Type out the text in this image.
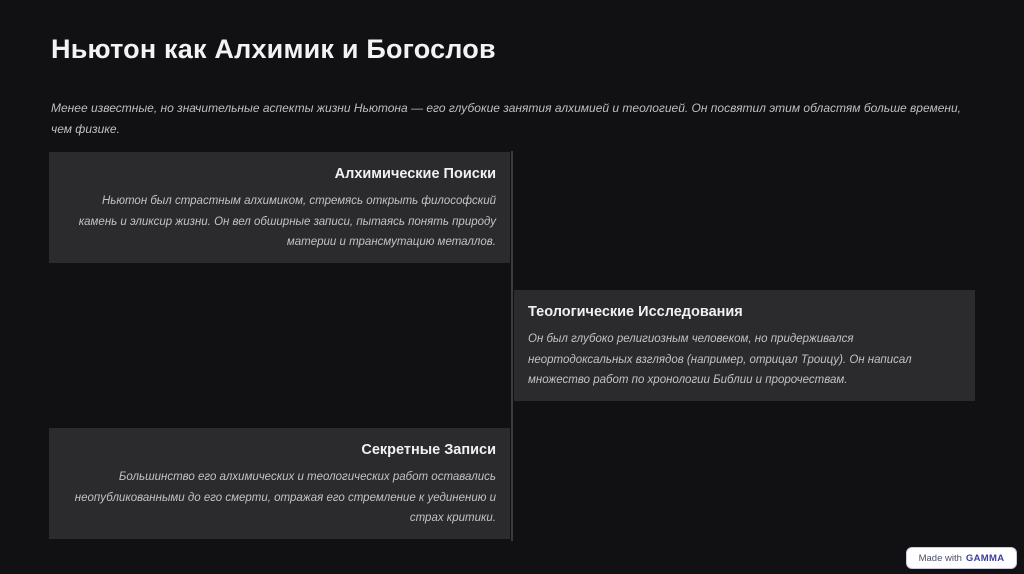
Ньютон как Алхимик и Богослов

Менее известные, но значительные аспекты жизни Ньютона — его глубокие занятия алхимией и теологией. Он посвятил этим областям больше времени, чем физике.

Алхимические Поиски

Ньютон был страстным алхимиком, стремясь открыть философский камень и эликсир жизни. Он вел обширные записи, пытаясь понять природу материи и трансмутацию металлов.

Теологические Исследования

Он был глубоко религиозным человеком, но придерживался неортодоксальных взглядов (например, отрицал Троицу). Он написал множество работ по хронологии Библии и пророчествам.

Секретные Записи

Большинство его алхимических и теологических работ оставались неопубликованными до его смерти, отражая его стремление к уединению и страх критики.

Made with GAMMA
